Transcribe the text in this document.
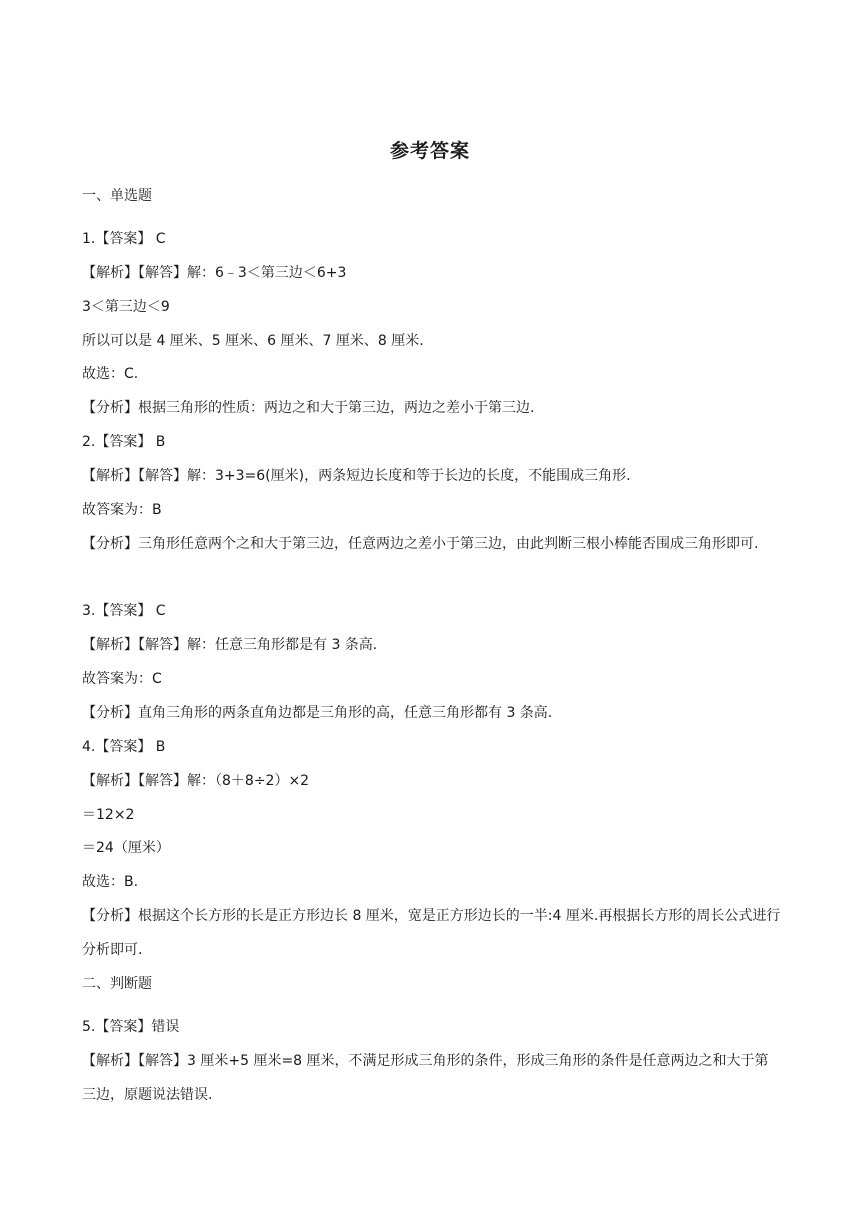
参考答案
一、单选题
1.【答案】 C
【解析】【解答】解：6﹣3＜第三边＜6+3
3＜第三边＜9
所以可以是 4 厘米、5 厘米、6 厘米、7 厘米、8 厘米.
故选：C.
【分析】根据三角形的性质：两边之和大于第三边，两边之差小于第三边.
2.【答案】 B
【解析】【解答】解：3+3=6(厘米)，两条短边长度和等于长边的长度，不能围成三角形.
故答案为：B
【分析】三角形任意两个之和大于第三边，任意两边之差小于第三边，由此判断三根小棒能否围成三角形即可.
3.【答案】 C
【解析】【解答】解：任意三角形都是有 3 条高.
故答案为：C
【分析】直角三角形的两条直角边都是三角形的高，任意三角形都有 3 条高.
4.【答案】 B
【解析】【解答】解：（8＋8÷2）×2
＝12×2
＝24（厘米）
故选：B.
【分析】根据这个长方形的长是正方形边长 8 厘米，宽是正方形边长的一半:4 厘米.再根据长方形的周长公式进行分析即可.
二、判断题
5.【答案】错误
【解析】【解答】3 厘米+5 厘米=8 厘米，不满足形成三角形的条件，形成三角形的条件是任意两边之和大于第三边，原题说法错误.
